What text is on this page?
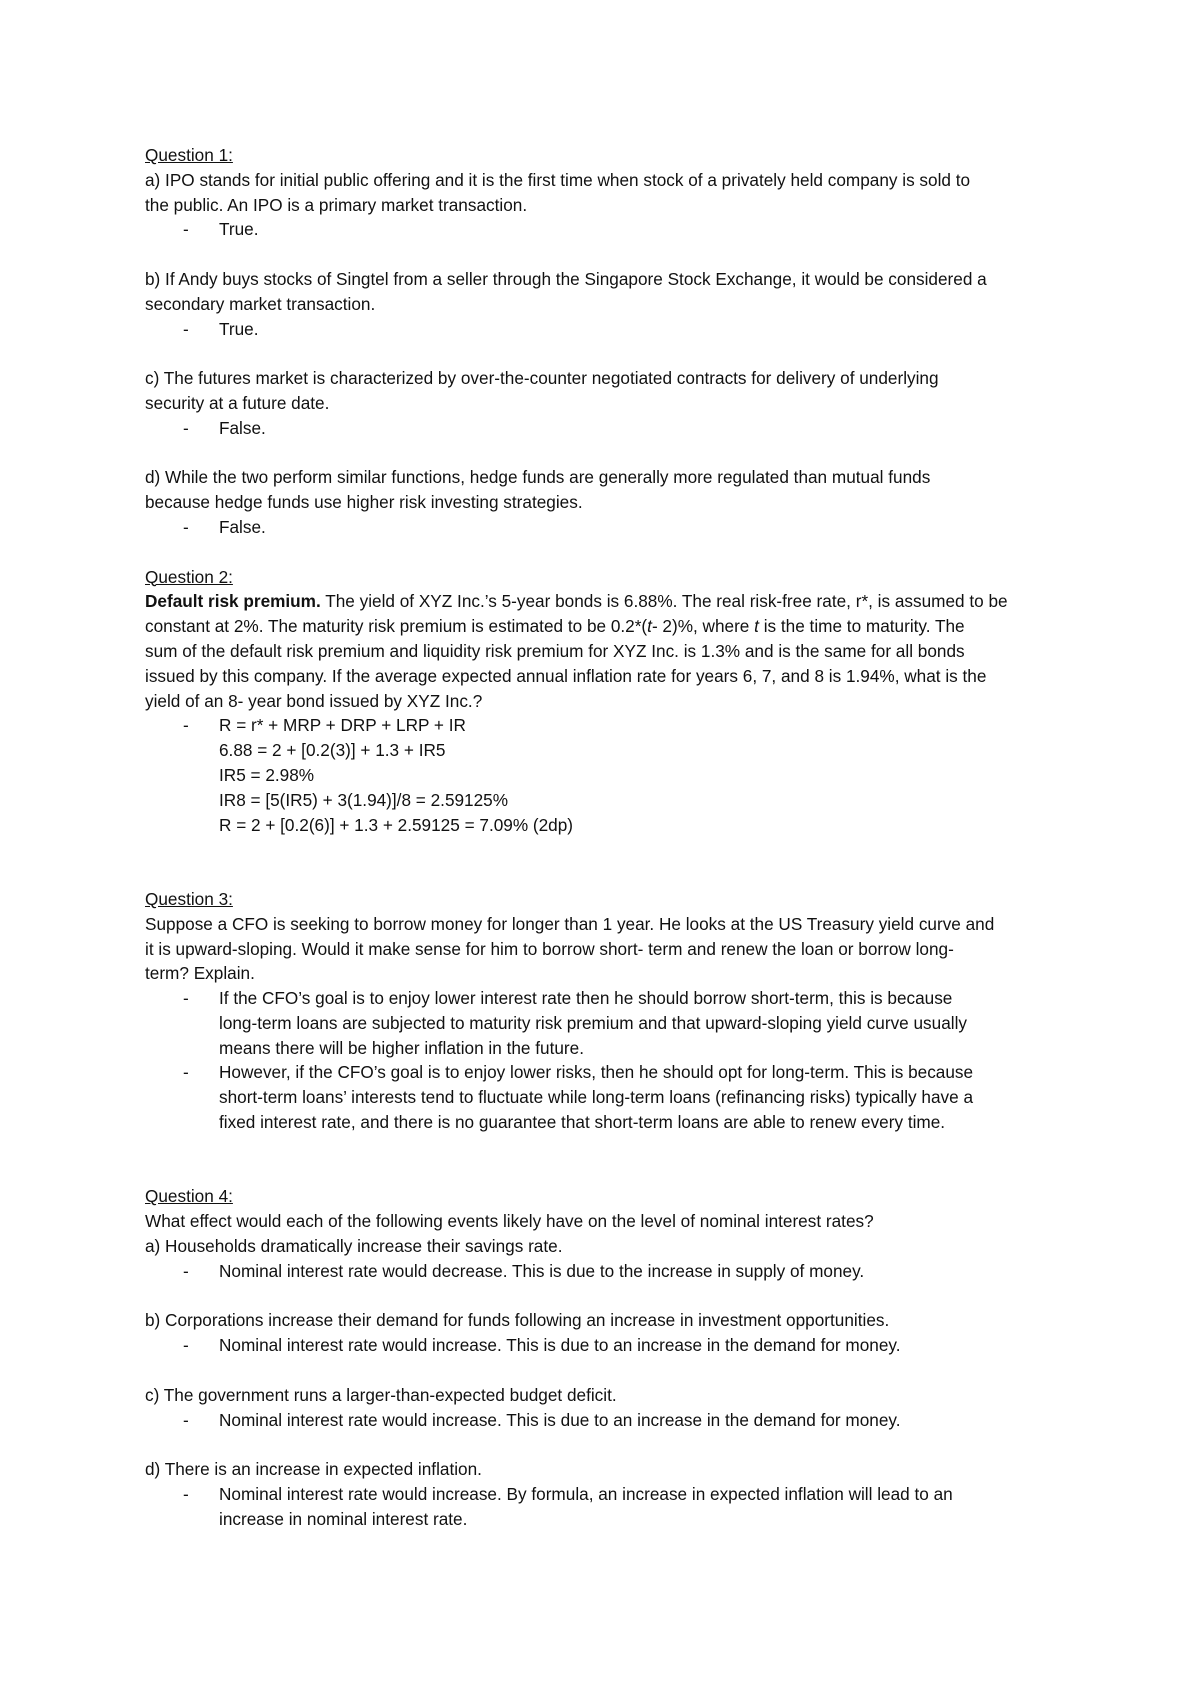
Question 1:

a) IPO stands for initial public offering and it is the first time when stock of a privately held company is sold to

the public. An IPO is a primary market transaction.

- True.

b) If Andy buys stocks of Singtel from a seller through the Singapore Stock Exchange, it would be considered a

secondary market transaction.

- True.

c) The futures market is characterized by over-the-counter negotiated contracts for delivery of underlying

security at a future date.

- False.

d) While the two perform similar functions, hedge funds are generally more regulated than mutual funds

because hedge funds use higher risk investing strategies.

- False.

Question 2:

Default risk premium. The yield of XYZ Inc.’s 5-year bonds is 6.88%. The real risk-free rate, r*, is assumed to be

constant at 2%. The maturity risk premium is estimated to be 0.2*(t- 2)%, where t is the time to maturity. The

sum of the default risk premium and liquidity risk premium for XYZ Inc. is 1.3% and is the same for all bonds

issued by this company. If the average expected annual inflation rate for years 6, 7, and 8 is 1.94%, what is the

yield of an 8- year bond issued by XYZ Inc.?

- R = r* + MRP + DRP + LRP + IR

6.88 = 2 + [0.2(3)] + 1.3 + IR5

IR5 = 2.98%

IR8 = [5(IR5) + 3(1.94)]/8 = 2.59125%

R = 2 + [0.2(6)] + 1.3 + 2.59125 = 7.09% (2dp)

Question 3:

Suppose a CFO is seeking to borrow money for longer than 1 year. He looks at the US Treasury yield curve and

it is upward-sloping. Would it make sense for him to borrow short- term and renew the loan or borrow long-

term? Explain.

- If the CFO’s goal is to enjoy lower interest rate then he should borrow short-term, this is because

long-term loans are subjected to maturity risk premium and that upward-sloping yield curve usually

means there will be higher inflation in the future.

- However, if the CFO’s goal is to enjoy lower risks, then he should opt for long-term. This is because

short-term loans’ interests tend to fluctuate while long-term loans (refinancing risks) typically have a

fixed interest rate, and there is no guarantee that short-term loans are able to renew every time.

Question 4:

What effect would each of the following events likely have on the level of nominal interest rates?

a) Households dramatically increase their savings rate.

- Nominal interest rate would decrease. This is due to the increase in supply of money.

b) Corporations increase their demand for funds following an increase in investment opportunities.

- Nominal interest rate would increase. This is due to an increase in the demand for money.

c) The government runs a larger-than-expected budget deficit.

- Nominal interest rate would increase. This is due to an increase in the demand for money.

d) There is an increase in expected inflation.

- Nominal interest rate would increase. By formula, an increase in expected inflation will lead to an

increase in nominal interest rate.
